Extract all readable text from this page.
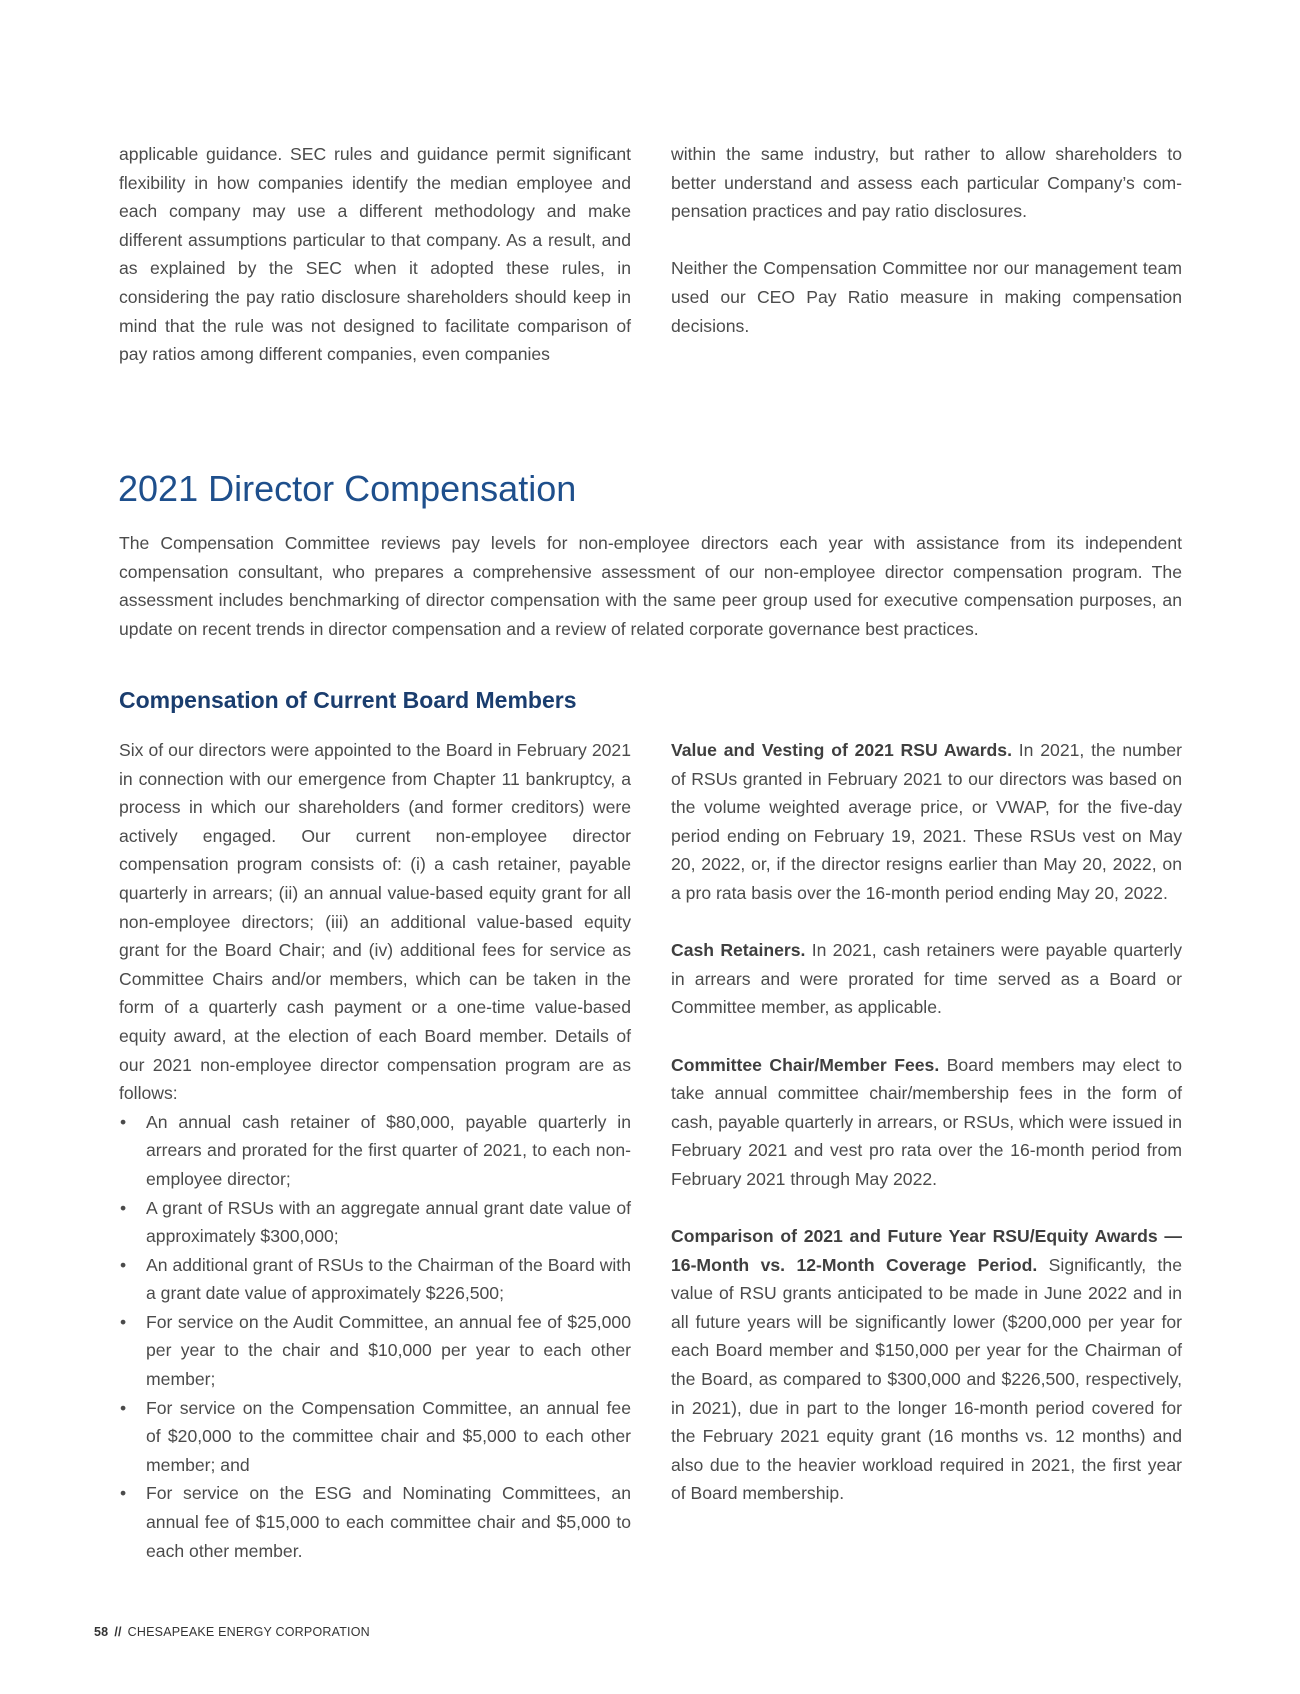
applicable guidance. SEC rules and guidance permit significant flexibility in how companies identify the median employee and each company may use a different methodology and make different assumptions particular to that company. As a result, and as explained by the SEC when it adopted these rules, in considering the pay ratio disclosure shareholders should keep in mind that the rule was not designed to facilitate comparison of pay ratios among different companies, even companies

within the same industry, but rather to allow shareholders to better understand and assess each particular Company’s compensation practices and pay ratio disclosures.

Neither the Compensation Committee nor our management team used our CEO Pay Ratio measure in making compensation decisions.

2021 Director Compensation

The Compensation Committee reviews pay levels for non-employee directors each year with assistance from its independent compensation consultant, who prepares a comprehensive assessment of our non-employee director compensation program. The assessment includes benchmarking of director compensation with the same peer group used for executive compensation purposes, an update on recent trends in director compensation and a review of related corporate governance best practices.

Compensation of Current Board Members

Six of our directors were appointed to the Board in February 2021 in connection with our emergence from Chapter 11 bankruptcy, a process in which our shareholders (and former creditors) were actively engaged. Our current non-employee director compensation program consists of: (i) a cash retainer, payable quarterly in arrears; (ii) an annual value-based equity grant for all non-employee directors; (iii) an additional value-based equity grant for the Board Chair; and (iv) additional fees for service as Committee Chairs and/or members, which can be taken in the form of a quarterly cash payment or a one-time value-based equity award, at the election of each Board member. Details of our 2021 non-employee director compensation program are as follows:

• An annual cash retainer of $80,000, payable quarterly in arrears and prorated for the first quarter of 2021, to each non-employee director;
• A grant of RSUs with an aggregate annual grant date value of approximately $300,000;
• An additional grant of RSUs to the Chairman of the Board with a grant date value of approximately $226,500;
• For service on the Audit Committee, an annual fee of $25,000 per year to the chair and $10,000 per year to each other member;
• For service on the Compensation Committee, an annual fee of $20,000 to the committee chair and $5,000 to each other member; and
• For service on the ESG and Nominating Committees, an annual fee of $15,000 to each committee chair and $5,000 to each other member.

Value and Vesting of 2021 RSU Awards. In 2021, the number of RSUs granted in February 2021 to our directors was based on the volume weighted average price, or VWAP, for the five-day period ending on February 19, 2021. These RSUs vest on May 20, 2022, or, if the director resigns earlier than May 20, 2022, on a pro rata basis over the 16-month period ending May 20, 2022.

Cash Retainers. In 2021, cash retainers were payable quarterly in arrears and were prorated for time served as a Board or Committee member, as applicable.

Committee Chair/Member Fees. Board members may elect to take annual committee chair/membership fees in the form of cash, payable quarterly in arrears, or RSUs, which were issued in February 2021 and vest pro rata over the 16-month period from February 2021 through May 2022.

Comparison of 2021 and Future Year RSU/Equity Awards — 16-Month vs. 12-Month Coverage Period. Significantly, the value of RSU grants anticipated to be made in June 2022 and in all future years will be significantly lower ($200,000 per year for each Board member and $150,000 per year for the Chairman of the Board, as compared to $300,000 and $226,500, respectively, in 2021), due in part to the longer 16-month period covered for the February 2021 equity grant (16 months vs. 12 months) and also due to the heavier workload required in 2021, the first year of Board membership.

58 // CHESAPEAKE ENERGY CORPORATION
